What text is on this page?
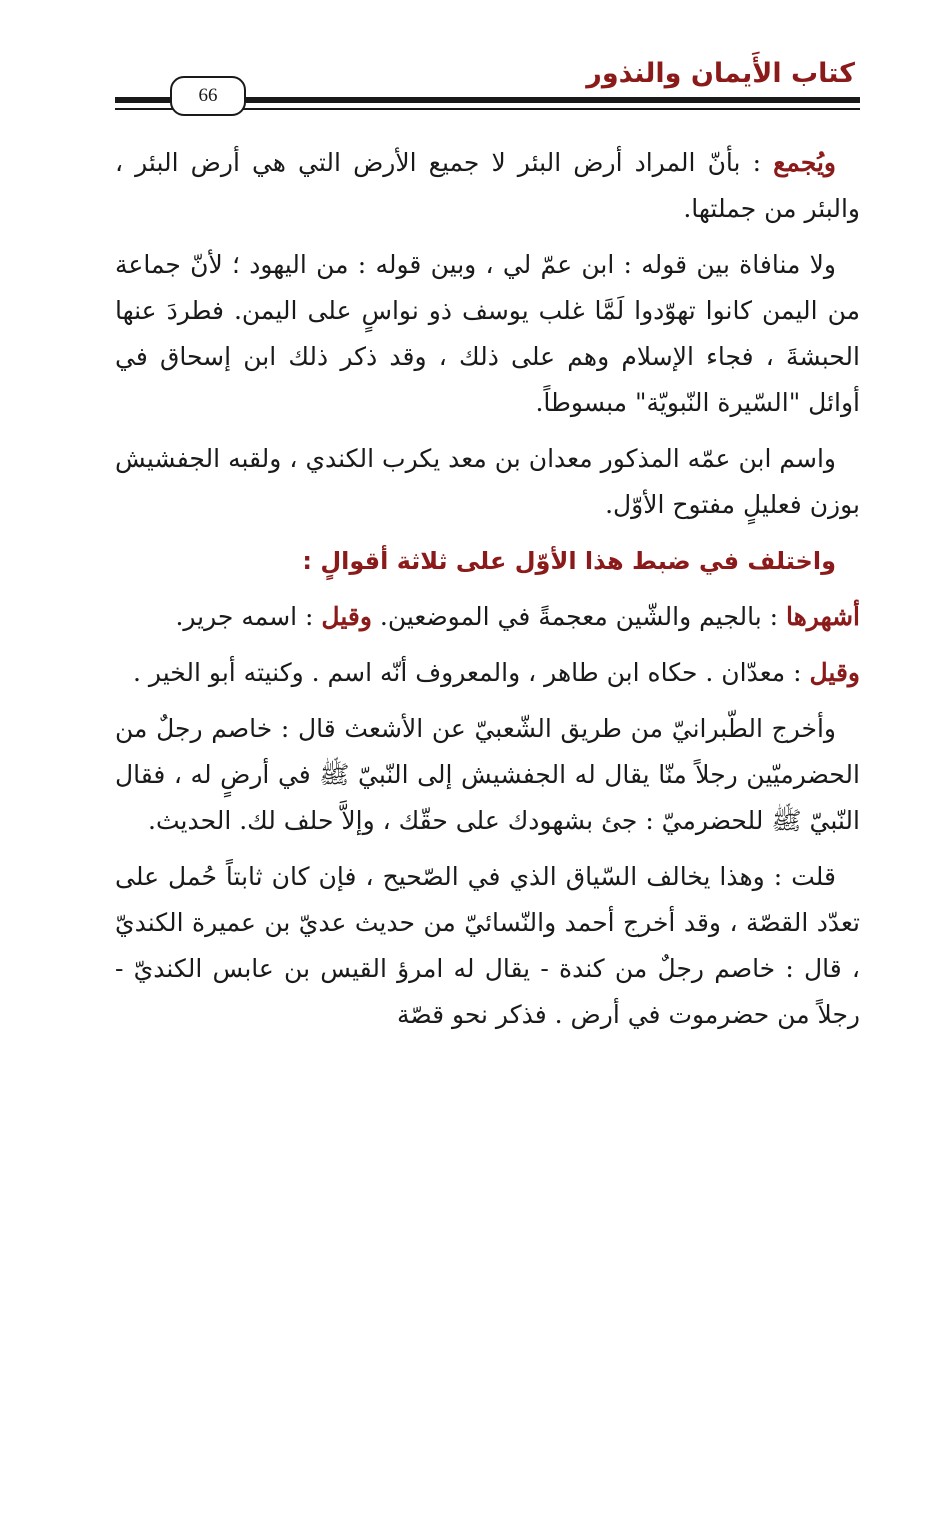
كتاب الأَيمان والنذور
66

ويُجمع : بأنّ المراد أرض البئر لا جميع الأرض التي هي أرض البئر ، والبئر من جملتها.

ولا منافاة بين قوله : ابن عمّ لي ، وبين قوله : من اليهود ؛ لأنّ جماعة من اليمن كانوا تهوّدوا لَمَّا غلب يوسف ذو نواسٍ على اليمن. فطردَ عنها الحبشةَ ، فجاء الإسلام وهم على ذلك ، وقد ذكر ذلك ابن إسحاق في أوائل "السّيرة النّبويّة" مبسوطاً.

واسم ابن عمّه المذكور معدان بن معد يكرب الكندي ، ولقبه الجفشيش بوزن فعليلٍ مفتوح الأوّل.

واختلف في ضبط هذا الأوّل على ثلاثة أقوالٍ :

أشهرها : بالجيم والشّين معجمةً في الموضعين. وقيل : اسمه جرير.

وقيل : معدّان . حكاه ابن طاهر ، والمعروف أنّه اسم . وكنيته أبو الخير .

وأخرج الطّبرانيّ من طريق الشّعبيّ عن الأشعث قال : خاصم رجلٌ من الحضرميّين رجلاً منّا يقال له الجفشيش إلى النّبيّ ﷺ في أرضٍ له ، فقال النّبيّ ﷺ للحضرميّ : جئ بشهودك على حقّك ، وإلاَّ حلف لك. الحديث.

قلت : وهذا يخالف السّياق الذي في الصّحيح ، فإن كان ثابتاً حُمل على تعدّد القصّة ، وقد أخرج أحمد والنّسائيّ من حديث عديّ بن عميرة الكنديّ ، قال : خاصم رجلٌ من كندة - يقال له امرؤ القيس بن عابس الكنديّ - رجلاً من حضرموت في أرض . فذكر نحو قصّة
